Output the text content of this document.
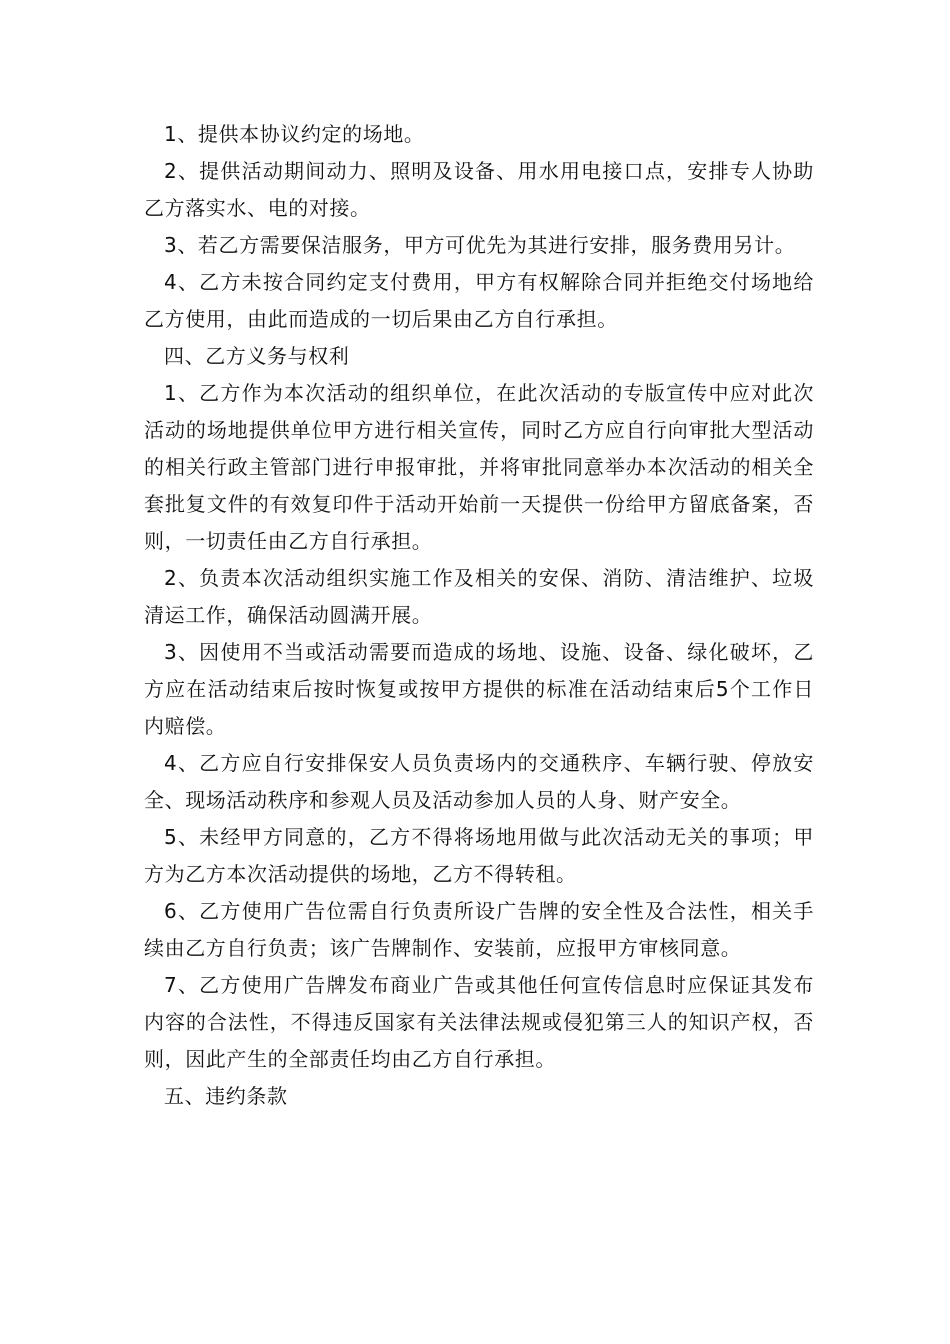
1、提供本协议约定的场地。

2、提供活动期间动力、照明及设备、用水用电接口点，安排专人协助乙方落实水、电的对接。

3、若乙方需要保洁服务，甲方可优先为其进行安排，服务费用另计。

4、乙方未按合同约定支付费用，甲方有权解除合同并拒绝交付场地给乙方使用，由此而造成的一切后果由乙方自行承担。

四、乙方义务与权利

1、乙方作为本次活动的组织单位，在此次活动的专版宣传中应对此次活动的场地提供单位甲方进行相关宣传，同时乙方应自行向审批大型活动的相关行政主管部门进行申报审批，并将审批同意举办本次活动的相关全套批复文件的有效复印件于活动开始前一天提供一份给甲方留底备案，否则，一切责任由乙方自行承担。

2、负责本次活动组织实施工作及相关的安保、消防、清洁维护、垃圾清运工作，确保活动圆满开展。

3、因使用不当或活动需要而造成的场地、设施、设备、绿化破坏，乙方应在活动结束后按时恢复或按甲方提供的标准在活动结束后5个工作日内赔偿。

4、乙方应自行安排保安人员负责场内的交通秩序、车辆行驶、停放安全、现场活动秩序和参观人员及活动参加人员的人身、财产安全。

5、未经甲方同意的，乙方不得将场地用做与此次活动无关的事项；甲方为乙方本次活动提供的场地，乙方不得转租。

6、乙方使用广告位需自行负责所设广告牌的安全性及合法性，相关手续由乙方自行负责；该广告牌制作、安装前，应报甲方审核同意。

7、乙方使用广告牌发布商业广告或其他任何宣传信息时应保证其发布内容的合法性，不得违反国家有关法律法规或侵犯第三人的知识产权，否则，因此产生的全部责任均由乙方自行承担。

五、违约条款
